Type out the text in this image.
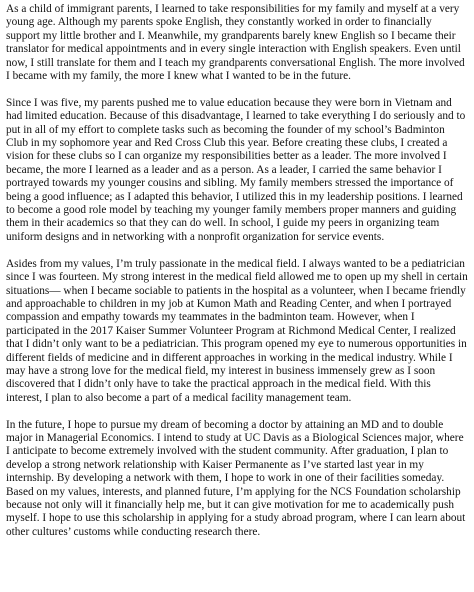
As a child of immigrant parents, I learned to take responsibilities for my family and myself at a very young age. Although my parents spoke English, they constantly worked in order to financially support my little brother and I. Meanwhile, my grandparents barely knew English so I became their translator for medical appointments and in every single interaction with English speakers. Even until now, I still translate for them and I teach my grandparents conversational English. The more involved I became with my family, the more I knew what I wanted to be in the future.

Since I was five, my parents pushed me to value education because they were born in Vietnam and had limited education. Because of this disadvantage, I learned to take everything I do seriously and to put in all of my effort to complete tasks such as becoming the founder of my school’s Badminton Club in my sophomore year and Red Cross Club this year. Before creating these clubs, I created a vision for these clubs so I can organize my responsibilities better as a leader. The more involved I became, the more I learned as a leader and as a person. As a leader, I carried the same behavior I portrayed towards my younger cousins and sibling. My family members stressed the importance of being a good influence; as I adapted this behavior, I utilized this in my leadership positions. I learned to become a good role model by teaching my younger family members proper manners and guiding them in their academics so that they can do well. In school, I guide my peers in organizing team uniform designs and in networking with a nonprofit organization for service events.

Asides from my values, I’m truly passionate in the medical field. I always wanted to be a pediatrician since I was fourteen. My strong interest in the medical field allowed me to open up my shell in certain situations— when I became sociable to patients in the hospital as a volunteer, when I became friendly and approachable to children in my job at Kumon Math and Reading Center, and when I portrayed compassion and empathy towards my teammates in the badminton team. However, when I participated in the 2017 Kaiser Summer Volunteer Program at Richmond Medical Center, I realized that I didn’t only want to be a pediatrician. This program opened my eye to numerous opportunities in different fields of medicine and in different approaches in working in the medical industry. While I may have a strong love for the medical field, my interest in business immensely grew as I soon discovered that I didn’t only have to take the practical approach in the medical field. With this interest, I plan to also become a part of a medical facility management team.

In the future, I hope to pursue my dream of becoming a doctor by attaining an MD and to double major in Managerial Economics. I intend to study at UC Davis as a Biological Sciences major, where I anticipate to become extremely involved with the student community. After graduation, I plan to develop a strong network relationship with Kaiser Permanente as I’ve started last year in my internship. By developing a network with them, I hope to work in one of their facilities someday. Based on my values, interests, and planned future, I’m applying for the NCS Foundation scholarship because not only will it financially help me, but it can give motivation for me to academically push myself. I hope to use this scholarship in applying for a study abroad program, where I can learn about other cultures’ customs while conducting research there.
